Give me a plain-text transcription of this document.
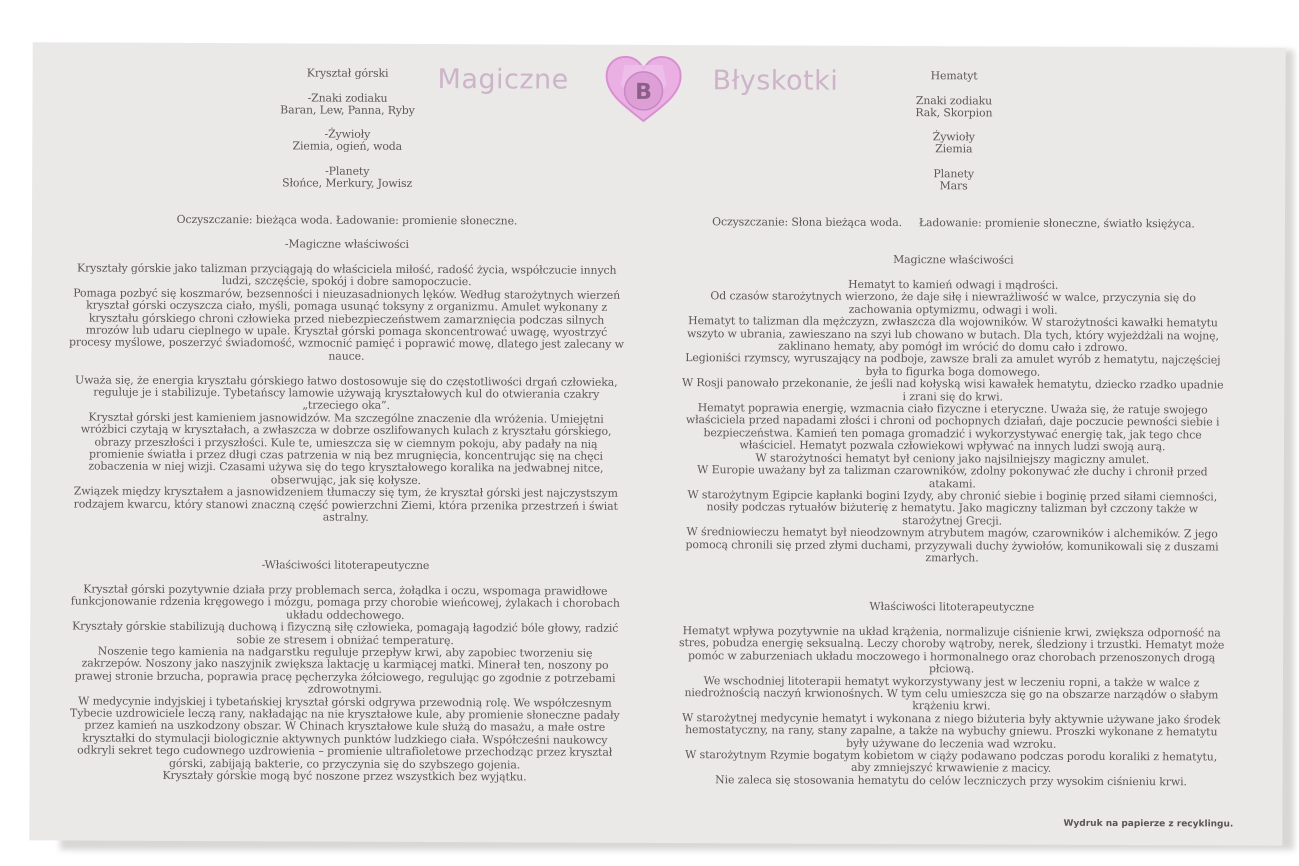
Magiczne	B Błyskotki

Kryształ górski

-Znaki zodiaku

Baran, Lew, Panna, Ryby

-Żywioły

Ziemia, ogień, woda

-Planety

Słońce, Merkury, Jowisz

Oczyszczanie: bieżąca woda. Ładowanie: promienie słoneczne.

-Magiczne właściwości

Kryształy górskie jako talizman przyciągają do właściciela miłość, radość życia, współczucie innych

ludzi, szczęście, spokój i dobre samopoczucie.

Pomaga pozbyć się koszmarów, bezsenności i nieuzasadnionych lęków. Według starożytnych wierzeń

kryształ górski oczyszcza ciało, myśli, pomaga usunąć toksyny z organizmu. Amulet wykonany z

kryształu górskiego chroni człowieka przed niebezpieczeństwem zamarznięcia podczas silnych

mrozów lub udaru cieplnego w upale. Kryształ górski pomaga skoncentrować uwagę, wyostrzyć

procesy myślowe, poszerzyć świadomość, wzmocnić pamięć i poprawić mowę, dlatego jest zalecany w

nauce.

Uważa się, że energia kryształu górskiego łatwo dostosowuje się do częstotliwości drgań człowieka,

reguluje je i stabilizuje. Tybetańscy lamowie używają kryształowych kul do otwierania czakry

„trzeciego oka”.

Kryształ górski jest kamieniem jasnowidzów. Ma szczególne znaczenie dla wróżenia. Umiejętni

wróżbici czytają w kryształach, a zwłaszcza w dobrze oszlifowanych kulach z kryształu górskiego,

obrazy przeszłości i przyszłości. Kule te, umieszcza się w ciemnym pokoju, aby padały na nią

promienie światła i przez długi czas patrzenia w nią bez mrugnięcia, koncentrując się na chęci

zobaczenia w niej wizji. Czasami używa się do tego kryształowego koralika na jedwabnej nitce,

obserwując, jak się kołysze.

Związek między kryształem a jasnowidzeniem tłumaczy się tym, że kryształ górski jest najczystszym

rodzajem kwarcu, który stanowi znaczną część powierzchni Ziemi, która przenika przestrzeń i świat

astralny.

-Właściwości litoterapeutyczne

Kryształ górski pozytywnie działa przy problemach serca, żołądka i oczu, wspomaga prawidłowe

funkcjonowanie rdzenia kręgowego i mózgu, pomaga przy chorobie wieńcowej, żylakach i chorobach

układu oddechowego.

Kryształy górskie stabilizują duchową i fizyczną siłę człowieka, pomagają łagodzić bóle głowy, radzić

sobie ze stresem i obniżać temperaturę.

Noszenie tego kamienia na nadgarstku reguluje przepływ krwi, aby zapobiec tworzeniu się

zakrzepów. Noszony jako naszyjnik zwiększa laktację u karmiącej matki. Minerał ten, noszony po

prawej stronie brzucha, poprawia pracę pęcherzyka żółciowego, regulując go zgodnie z potrzebami

zdrowotnymi.

W medycynie indyjskiej i tybetańskiej kryształ górski odgrywa przewodnią rolę. We współczesnym

Tybecie uzdrowiciele leczą rany, nakładając na nie kryształowe kule, aby promienie słoneczne padały

przez kamień na uszkodzony obszar. W Chinach kryształowe kule służą do masażu, a małe ostre

kryształki do stymulacji biologicznie aktywnych punktów ludzkiego ciała. Współcześni naukowcy

odkryli sekret tego cudownego uzdrowienia – promienie ultrafioletowe przechodząc przez kryształ

górski, zabijają bakterie, co przyczynia się do szybszego gojenia.

Kryształy górskie mogą być noszone przez wszystkich bez wyjątku.

Hematyt

Znaki zodiaku

Rak, Skorpion

Żywioły

Ziemia

Planety

Mars

Oczyszczanie: Słona bieżąca woda.     Ładowanie: promienie słoneczne, światło księżyca.

Magiczne właściwości

Hematyt to kamień odwagi i mądrości.

Od czasów starożytnych wierzono, że daje siłę i niewrażliwość w walce, przyczynia się do

zachowania optymizmu, odwagi i woli.

Hematyt to talizman dla mężczyzn, zwłaszcza dla wojowników. W starożytności kawałki hematytu

wszyto w ubrania, zawieszano na szyi lub chowano w butach. Dla tych, który wyjeżdżali na wojnę,

zaklinano hematy, aby pomógł im wrócić do domu cało i zdrowo.

Legioniści rzymscy, wyruszający na podboje, zawsze brali za amulet wyrób z hematytu, najczęściej

była to figurka boga domowego.

W Rosji panowało przekonanie, że jeśli nad kołyską wisi kawałek hematytu, dziecko rzadko upadnie

i zrani się do krwi.

Hematyt poprawia energię, wzmacnia ciało fizyczne i eteryczne. Uważa się, że ratuje swojego

właściciela przed napadami złości i chroni od pochopnych działań, daje poczucie pewności siebie i

bezpieczeństwa. Kamień ten pomaga gromadzić i wykorzystywać energię tak, jak tego chce

właściciel. Hematyt pozwala człowiekowi wpływać na innych ludzi swoją aurą.

W starożytności hematyt był ceniony jako najsilniejszy magiczny amulet.

W Europie uważany był za talizman czarowników, zdolny pokonywać złe duchy i chronił przed

atakami.

W starożytnym Egipcie kapłanki bogini Izydy, aby chronić siebie i boginię przed siłami ciemności,

nosiły podczas rytuałów biżuterię z hematytu. Jako magiczny talizman był czczony także w

starożytnej Grecji.

W średniowieczu hematyt był nieodzownym atrybutem magów, czarowników i alchemików. Z jego

pomocą chronili się przed złymi duchami, przyzywali duchy żywiołów, komunikowali się z duszami

zmarłych.

Właściwości litoterapeutyczne

Hematyt wpływa pozytywnie na układ krążenia, normalizuje ciśnienie krwi, zwiększa odporność na

stres, pobudza energię seksualną. Leczy choroby wątroby, nerek, śledziony i trzustki. Hematyt może

pomóc w zaburzeniach układu moczowego i hormonalnego oraz chorobach przenoszonych drogą

płciową.

We wschodniej litoterapii hematyt wykorzystywany jest w leczeniu ropni, a także w walce z

niedrożnością naczyń krwionośnych. W tym celu umieszcza się go na obszarze narządów o słabym

krążeniu krwi.

W starożytnej medycynie hematyt i wykonana z niego biżuteria były aktywnie używane jako środek

hemostatyczny, na rany, stany zapalne, a także na wybuchy gniewu. Proszki wykonane z hematytu

były używane do leczenia wad wzroku.

W starożytnym Rzymie bogatym kobietom w ciąży podawano podczas porodu koraliki z hematytu,

aby zmniejszyć krwawienie z macicy.

Nie zaleca się stosowania hematytu do celów leczniczych przy wysokim ciśnieniu krwi.

Wydruk na papierze z recyklingu.
